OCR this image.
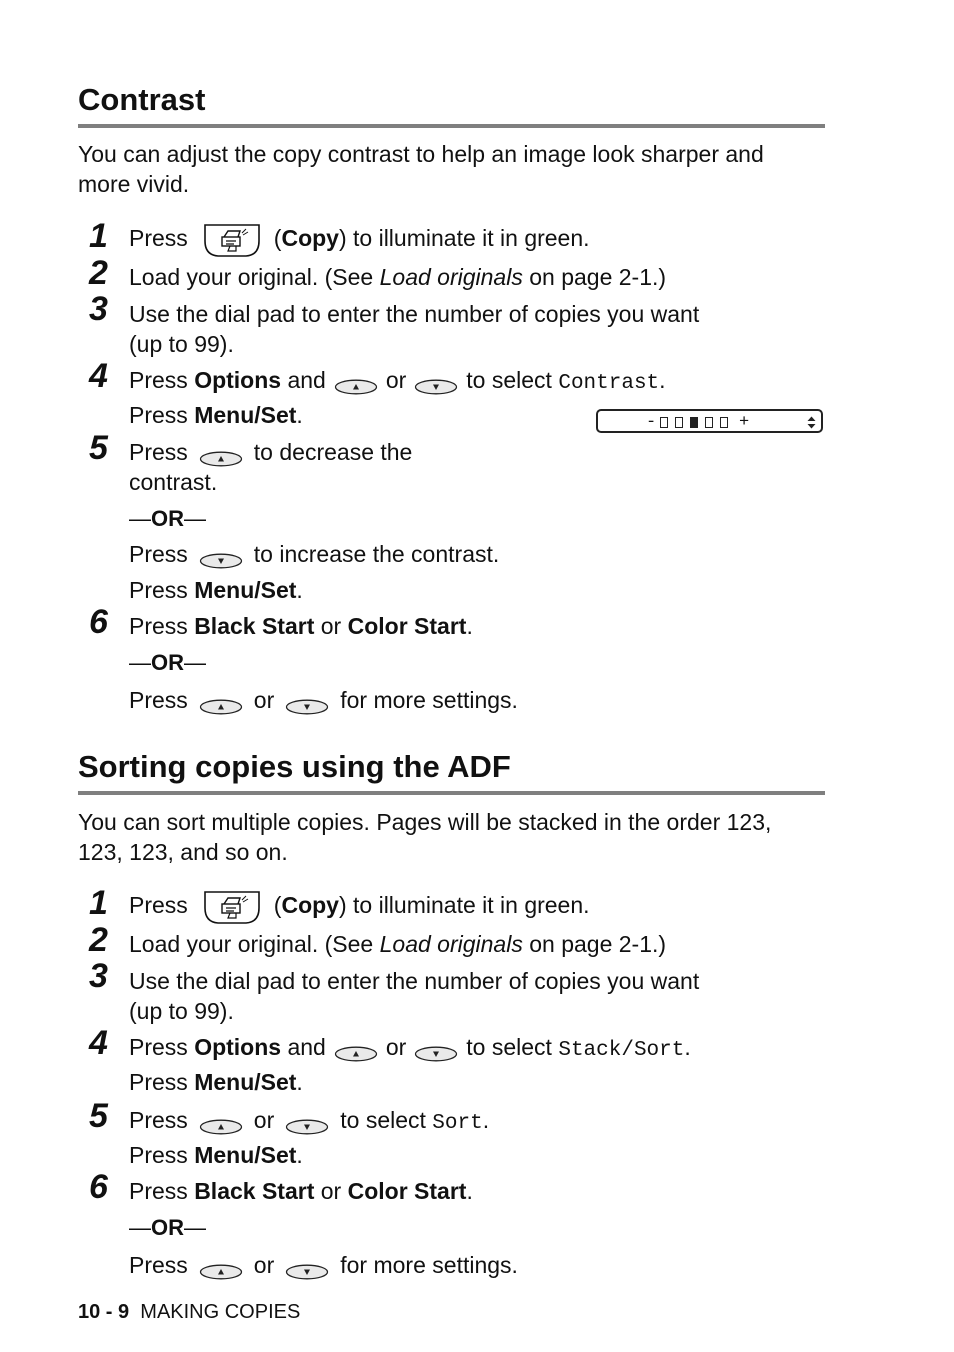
Contrast
You can adjust the copy contrast to help an image look sharper and
more vivid.
1 Press	(Copy) to illuminate it in green.
2 Load your original. (See Load originals on page 2-1.)
3 Use the dial pad to enter the number of copies you want
(up to 99).
4 Press Options and	or	to select Contrast.
Press Menu/Set.	-	+
5 Press	to decrease the
contrast.
—OR—
Press	to increase the contrast.
Press Menu/Set.
6 Press Black Start or Color Start.
—OR—
Press	or	for more settings.
Sorting copies using the ADF
You can sort multiple copies. Pages will be stacked in the order 123,
123, 123, and so on.
1 Press	(Copy) to illuminate it in green.
2 Load your original. (See Load originals on page 2-1.)
3 Use the dial pad to enter the number of copies you want
(up to 99).
4 Press Options and	or	to select Stack/Sort.
Press Menu/Set.
5 Press	or	to select Sort.
Press Menu/Set.
6 Press Black Start or Color Start.
—OR—
Press	or	for more settings.
10 - 9 MAKING COPIES
